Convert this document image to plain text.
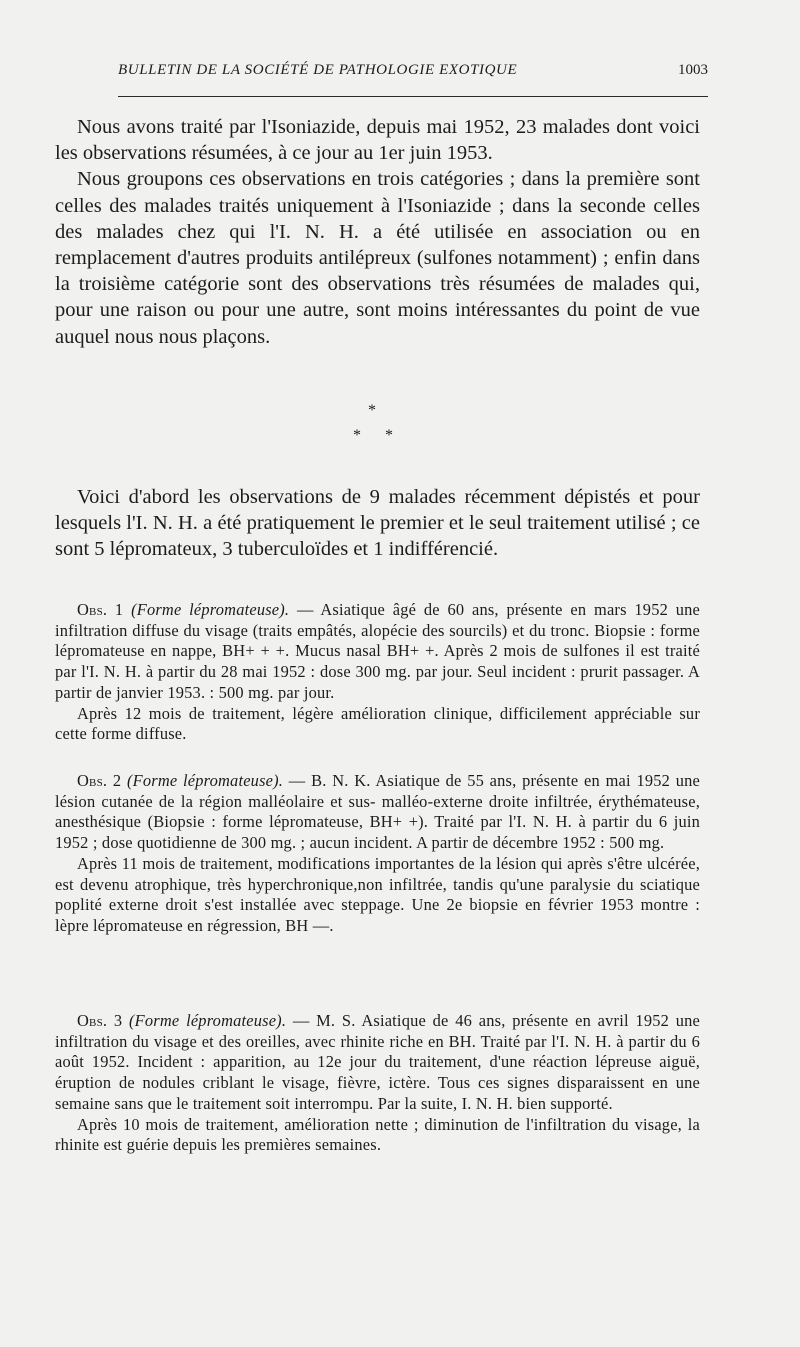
BULLETIN DE LA SOCIÉTÉ DE PATHOLOGIE EXOTIQUE	1003

Nous avons traité par l'Isoniazide, depuis mai 1952, 23 malades dont voici les observations résumées, à ce jour au 1er juin 1953.

Nous groupons ces observations en trois catégories ; dans la première sont celles des malades traités uniquement à l'Isoniazide ; dans la seconde celles des malades chez qui l'I. N. H. a été utilisée en association ou en remplacement d'autres produits antilépreux (sulfones notamment) ; enfin dans la troisième catégorie sont des observations très résumées de malades qui, pour une raison ou pour une autre, sont moins intéressantes du point de vue auquel nous nous plaçons.

*
* *

Voici d'abord les observations de 9 malades récemment dépistés et pour lesquels l'I. N. H. a été pratiquement le premier et le seul traitement utilisé ; ce sont 5 lépromateux, 3 tuberculoïdes et 1 indifférencié.

Obs. 1 (Forme lépromateuse). — Asiatique âgé de 60 ans, présente en mars 1952 une infiltration diffuse du visage (traits empâtés, alopécie des sourcils) et du tronc. Biopsie : forme lépromateuse en nappe, BH+ + +. Mucus nasal BH+ +. Après 2 mois de sulfones il est traité par l'I. N. H. à partir du 28 mai 1952 : dose 300 mg. par jour. Seul incident : prurit passager. A partir de janvier 1953. : 500 mg. par jour.

Après 12 mois de traitement, légère amélioration clinique, difficilement appréciable sur cette forme diffuse.

Obs. 2 (Forme lépromateuse). — B. N. K. Asiatique de 55 ans, présente en mai 1952 une lésion cutanée de la région malléolaire et sus- malléo-externe droite infiltrée, érythémateuse, anesthésique (Biopsie : forme lépromateuse, BH+ +). Traité par l'I. N. H. à partir du 6 juin 1952 ; dose quotidienne de 300 mg. ; aucun incident. A partir de décembre 1952 : 500 mg.

Après 11 mois de traitement, modifications importantes de la lésion qui après s'être ulcérée, est devenu atrophique, très hyperchronique,non infiltrée, tandis qu'une paralysie du sciatique poplité externe droit s'est installée avec steppage. Une 2e biopsie en février 1953 montre : lèpre lépromateuse en régression, BH —.

Obs. 3 (Forme lépromateuse). — M. S. Asiatique de 46 ans, présente en avril 1952 une infiltration du visage et des oreilles, avec rhinite riche en BH. Traité par l'I. N. H. à partir du 6 août 1952. Incident : apparition, au 12e jour du traitement, d'une réaction lépreuse aiguë, éruption de nodules criblant le visage, fièvre, ictère. Tous ces signes disparaissent en une semaine sans que le traitement soit interrompu. Par la suite, I. N. H. bien supporté.

Après 10 mois de traitement, amélioration nette ; diminution de l'infiltration du visage, la rhinite est guérie depuis les premières semaines.
